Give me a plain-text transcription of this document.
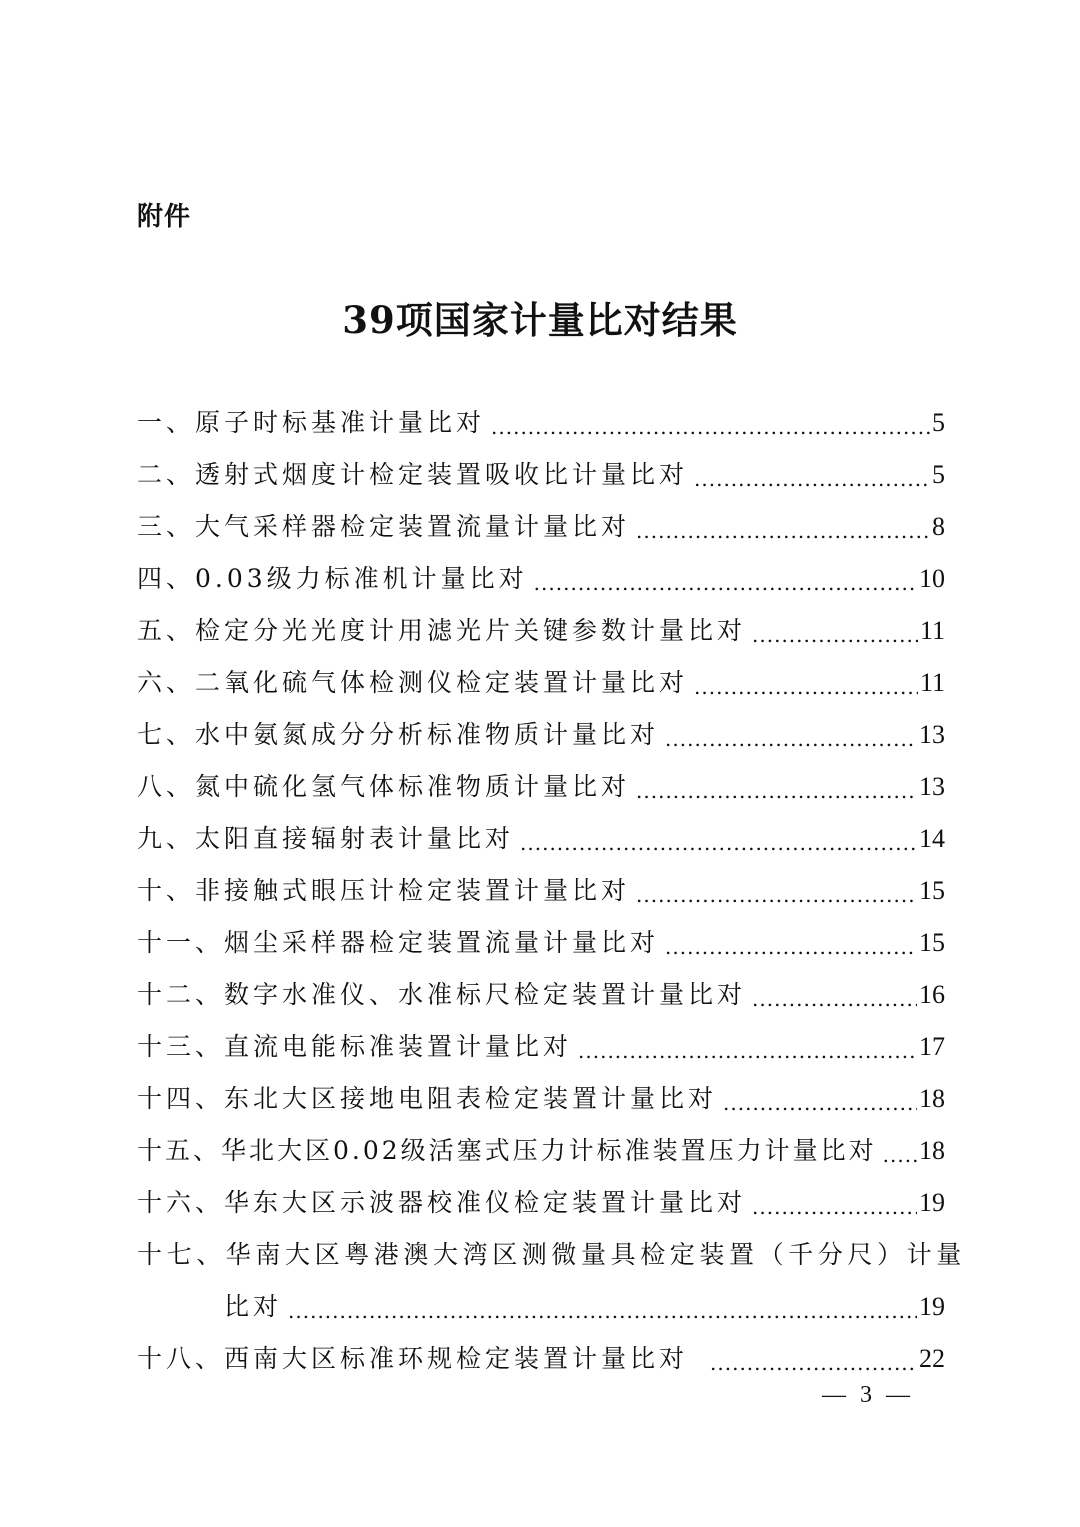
附件
39项国家计量比对结果
一、原子时标基准计量比对 .....	5
二、透射式烟度计检定装置吸收比计量比对 .....	5
三、大气采样器检定装置流量计量比对 .....	8
四、0.03级力标准机计量比对 .....	10
五、检定分光光度计用滤光片关键参数计量比对 .....	11
六、二氧化硫气体检测仪检定装置计量比对 .....	11
七、水中氨氮成分分析标准物质计量比对 .....	13
八、氮中硫化氢气体标准物质计量比对 .....	13
九、太阳直接辐射表计量比对 .....	14
十、非接触式眼压计检定装置计量比对 .....	15
十一、烟尘采样器检定装置流量计量比对 .....	15
十二、数字水准仪、水准标尺检定装置计量比对 .....	16
十三、直流电能标准装置计量比对 .....	17
十四、东北大区接地电阻表检定装置计量比对 .....	18
十五、华北大区0.02级活塞式压力计标准装置压力计量比对 ..... 18
十六、华东大区示波器校准仪检定装置计量比对 .....	19
十七、华南大区粤港澳大湾区测微量具检定装置（千分尺）计量
比对 .....	19
十八、西南大区标准环规检定装置计量比对 .....	22
— 3 —
